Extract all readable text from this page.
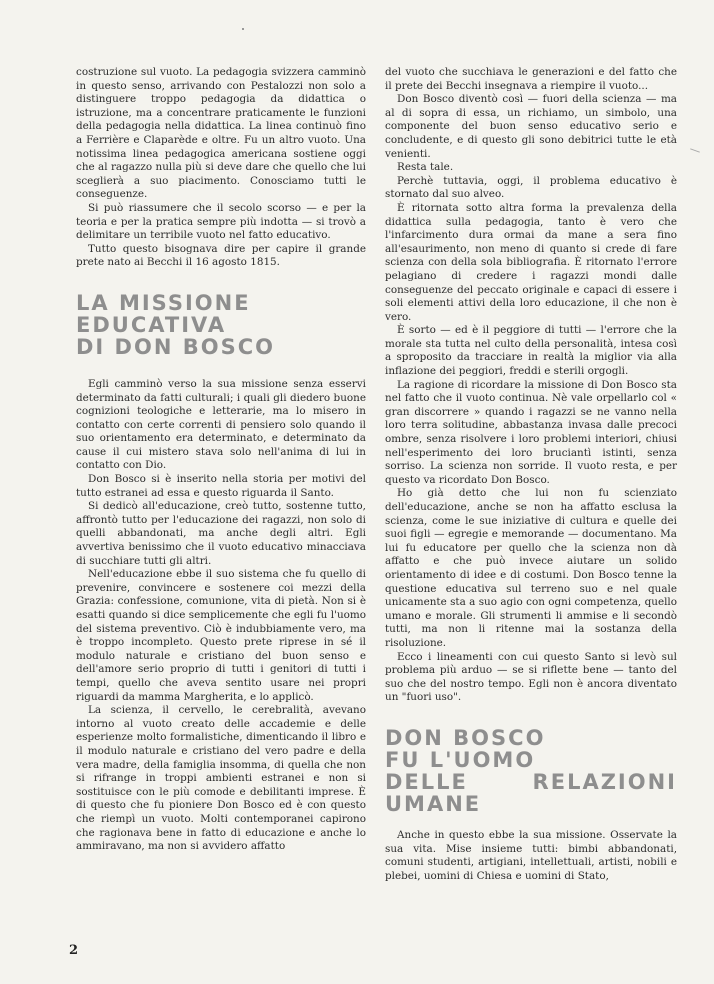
costruzione sul vuoto. La pedagogia svizzera camminò in questo senso, arrivando con Pestalozzi non solo a distinguere troppo pedagogia da didattica o istruzione, ma a concentrare praticamente le funzioni della pedagogia nella didattica. La linea continuò fino a Ferrière e Claparède e oltre. Fu un altro vuoto. Una notissima linea pedagogica americana sostiene oggi che al ragazzo nulla più si deve dare che quello che lui sceglierà a suo piacimento. Conosciamo tutti le conseguenze.

Si può riassumere che il secolo scorso — e per la teoria e per la pratica sempre più indotta — si trovò a delimitare un terribile vuoto nel fatto educativo.

Tutto questo bisognava dire per capire il grande prete nato ai Becchi il 16 agosto 1815.

LA MISSIONE
EDUCATIVA
DI DON BOSCO

Egli camminò verso la sua missione senza esservi determinato da fatti culturali; i quali gli diedero buone cognizioni teologiche e letterarie, ma lo misero in contatto con certe correnti di pensiero solo quando il suo orientamento era determinato, e determinato da cause il cui mistero stava solo nell'anima di lui in contatto con Dio.

Don Bosco si è inserito nella storia per motivi del tutto estranei ad essa e questo riguarda il Santo.

Si dedicò all'educazione, creò tutto, sostenne tutto, affrontò tutto per l'educazione dei ragazzi, non solo di quelli abbandonati, ma anche degli altri. Egli avvertiva benissimo che il vuoto educativo minacciava di succhiare tutti gli altri.

Nell'educazione ebbe il suo sistema che fu quello di prevenire, convincere e sostenere coi mezzi della Grazia: confessione, comunione, vita di pietà. Non si è esatti quando si dice semplicemente che egli fu l'uomo del sistema preventivo. Ciò è indubbiamente vero, ma è troppo incompleto. Questo prete riprese in sé il modulo naturale e cristiano del buon senso e dell'amore serio proprio di tutti i genitori di tutti i tempi, quello che aveva sentito usare nei propri riguardi da mamma Margherita, e lo applicò.

La scienza, il cervello, le cerebralità, avevano intorno al vuoto creato delle accademie e delle esperienze molto formalistiche, dimenticando il libro e il modulo naturale e cristiano del vero padre e della vera madre, della famiglia insomma, di quella che non si rifrange in troppi ambienti estranei e non si sostituisce con le più comode e debilitanti imprese. È di questo che fu pioniere Don Bosco ed è con questo che riempì un vuoto. Molti contemporanei capirono che ragionava bene in fatto di educazione e anche lo ammiravano, ma non si avvidero affatto

del vuoto che succhiava le generazioni e del fatto che il prete dei Becchi insegnava a riempire il vuoto...

Don Bosco diventò così — fuori della scienza — ma al di sopra di essa, un richiamo, un simbolo, una componente del buon senso educativo serio e concludente, e di questo gli sono debitrici tutte le età venienti.

Resta tale.

Perchè tuttavia, oggi, il problema educativo è stornato dal suo alveo.

È ritornata sotto altra forma la prevalenza della didattica sulla pedagogia, tanto è vero che l'infarcimento dura ormai da mane a sera fino all'esaurimento, non meno di quanto si crede di fare scienza con della sola bibliografia. È ritornato l'errore pelagiano di credere i ragazzi mondi dalle conseguenze del peccato originale e capaci di essere i soli elementi attivi della loro educazione, il che non è vero.

È sorto — ed è il peggiore di tutti — l'errore che la morale sta tutta nel culto della personalità, intesa così a sproposito da tracciare in realtà la miglior via alla inflazione dei peggiori, freddi e sterili orgogli.

La ragione di ricordare la missione di Don Bosco sta nel fatto che il vuoto continua. Nè vale orpellarlo col « gran discorrere » quando i ragazzi se ne vanno nella loro terra solitudine, abbastanza invasa dalle precoci ombre, senza risolvere i loro problemi interiori, chiusi nell'esperimento dei loro bruciantì istinti, senza sorriso. La scienza non sorride. Il vuoto resta, e per questo va ricordato Don Bosco.

Ho già detto che lui non fu scienziato dell'educazione, anche se non ha affatto esclusa la scienza, come le sue iniziative di cultura e quelle dei suoi figli — egregie e memorande — documentano. Ma lui fu educatore per quello che la scienza non dà affatto e che può invece aiutare un solido orientamento di idee e di costumi. Don Bosco tenne la questione educativa sul terreno suo e nel quale unicamente sta a suo agio con ogni competenza, quello umano e morale. Gli strumenti li ammise e li secondò tutti, ma non li ritenne mai la sostanza della risoluzione.

Ecco i lineamenti con cui questo Santo si levò sul problema più arduo — se si riflette bene — tanto del suo che del nostro tempo. Egli non è ancora diventato un "fuori uso".

DON BOSCO
FU L'UOMO
DELLE RELAZIONI UMANE

Anche in questo ebbe la sua missione. Osservate la sua vita. Mise insieme tutti: bimbi abbandonati, comuni studenti, artigiani, intellettuali, artisti, nobili e plebei, uomini di Chiesa e uomini di Stato,

2
